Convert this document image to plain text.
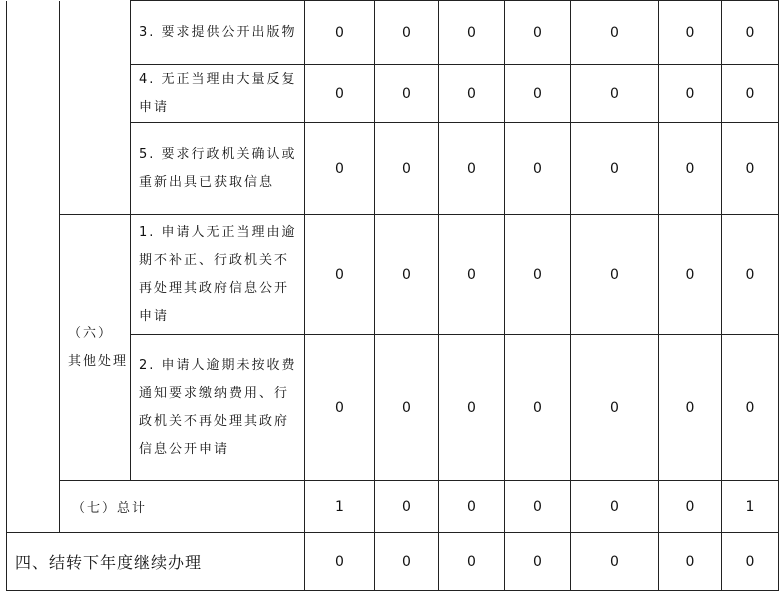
		3. 要求提供公开出版物	0	0	0	0	0	0	0
		4. 无正当理由大量反复申请	0	0	0	0	0	0	0
		5. 要求行政机关确认或重新出具已获取信息	0	0	0	0	0	0	0

	（六）
其他处理	1. 申请人无正当理由逾期不补正、行政机关不再处理其政府信息公开申请	0	0	0	0	0	0	0
		2. 申请人逾期未按收费通知要求缴纳费用、行政机关不再处理其政府信息公开申请	0	0	0	0	0	0	0
	（七）总计		1	0	0	0	0	0	1

四、结转下年度继续办理			0	0	0	0	0	0	0
